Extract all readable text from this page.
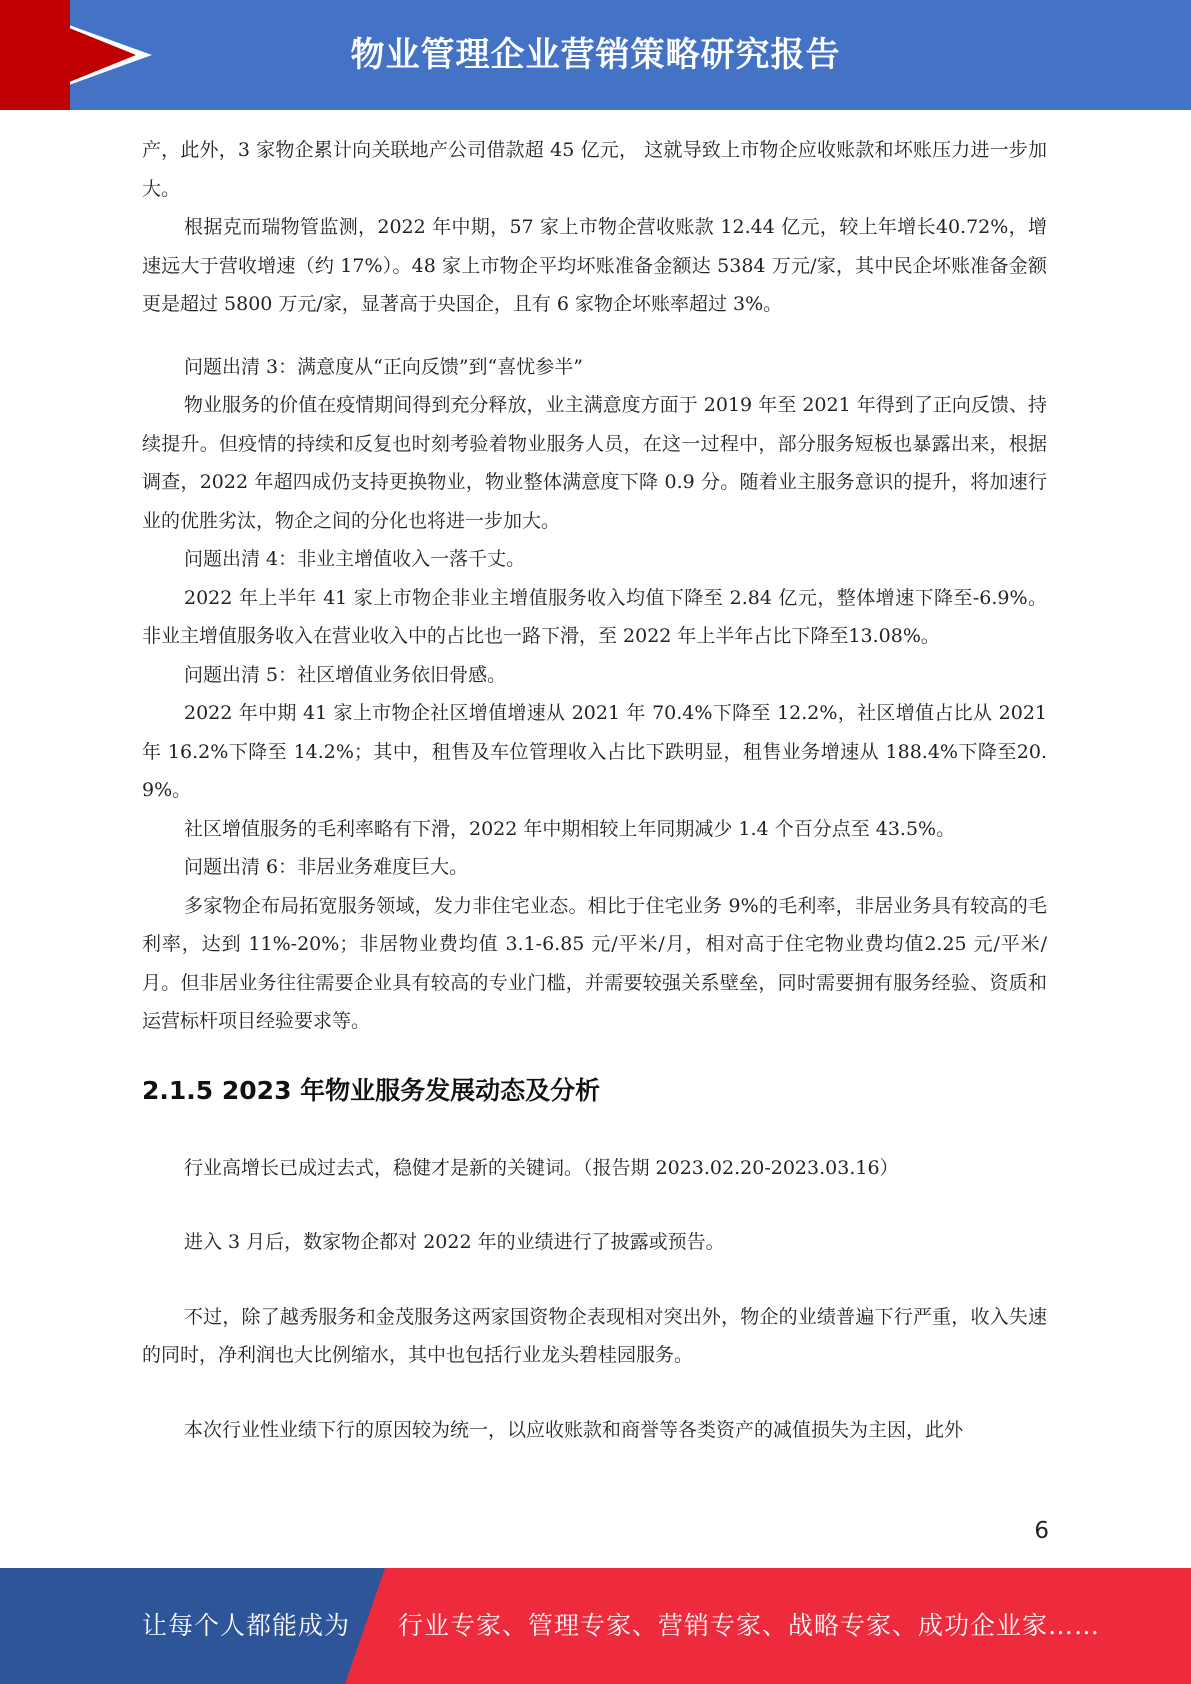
物业管理企业营销策略研究报告

产，此外，3 家物企累计向关联地产公司借款超 45 亿元， 这就导致上市物企应收账款和坏账压力进一步加大。

根据克而瑞物管监测，2022 年中期，57 家上市物企营收账款 12.44 亿元，较上年增长40.72%，增速远大于营收增速（约 17%）。48 家上市物企平均坏账准备金额达 5384 万元/家，其中民企坏账准备金额更是超过 5800 万元/家，显著高于央国企，且有 6 家物企坏账率超过 3%。

问题出清 3：满意度从“正向反馈”到“喜忧参半”

物业服务的价值在疫情期间得到充分释放，业主满意度方面于 2019 年至 2021 年得到了正向反馈、持续提升。但疫情的持续和反复也时刻考验着物业服务人员，在这一过程中，部分服务短板也暴露出来，根据调查，2022 年超四成仍支持更换物业，物业整体满意度下降 0.9 分。随着业主服务意识的提升，将加速行业的优胜劣汰，物企之间的分化也将进一步加大。

问题出清 4：非业主增值收入一落千丈。

2022 年上半年 41 家上市物企非业主增值服务收入均值下降至 2.84 亿元，整体增速下降至-6.9%。非业主增值服务收入在营业收入中的占比也一路下滑，至 2022 年上半年占比下降至13.08%。

问题出清 5：社区增值业务依旧骨感。

2022 年中期 41 家上市物企社区增值增速从 2021 年 70.4%下降至 12.2%，社区增值占比从 2021年 16.2%下降至 14.2%；其中，租售及车位管理收入占比下跌明显，租售业务增速从 188.4%下降至20.9%。

社区增值服务的毛利率略有下滑，2022 年中期相较上年同期减少 1.4 个百分点至 43.5%。

问题出清 6：非居业务难度巨大。

多家物企布局拓宽服务领域，发力非住宅业态。相比于住宅业务 9%的毛利率，非居业务具有较高的毛利率，达到 11%-20%；非居物业费均值 3.1-6.85 元/平米/月，相对高于住宅物业费均值2.25 元/平米/月。但非居业务往往需要企业具有较高的专业门槛，并需要较强关系壁垒，同时需要拥有服务经验、资质和运营标杆项目经验要求等。

2.1.5 2023 年物业服务发展动态及分析

行业高增长已成过去式，稳健才是新的关键词。（报告期 2023.02.20-2023.03.16）

进入 3 月后，数家物企都对 2022 年的业绩进行了披露或预告。

不过，除了越秀服务和金茂服务这两家国资物企表现相对突出外，物企的业绩普遍下行严重，收入失速的同时，净利润也大比例缩水，其中也包括行业龙头碧桂园服务。

本次行业性业绩下行的原因较为统一，以应收账款和商誉等各类资产的减值损失为主因，此外

6
让每个人都能成为 行业专家、管理专家、营销专家、战略专家、成功企业家……
